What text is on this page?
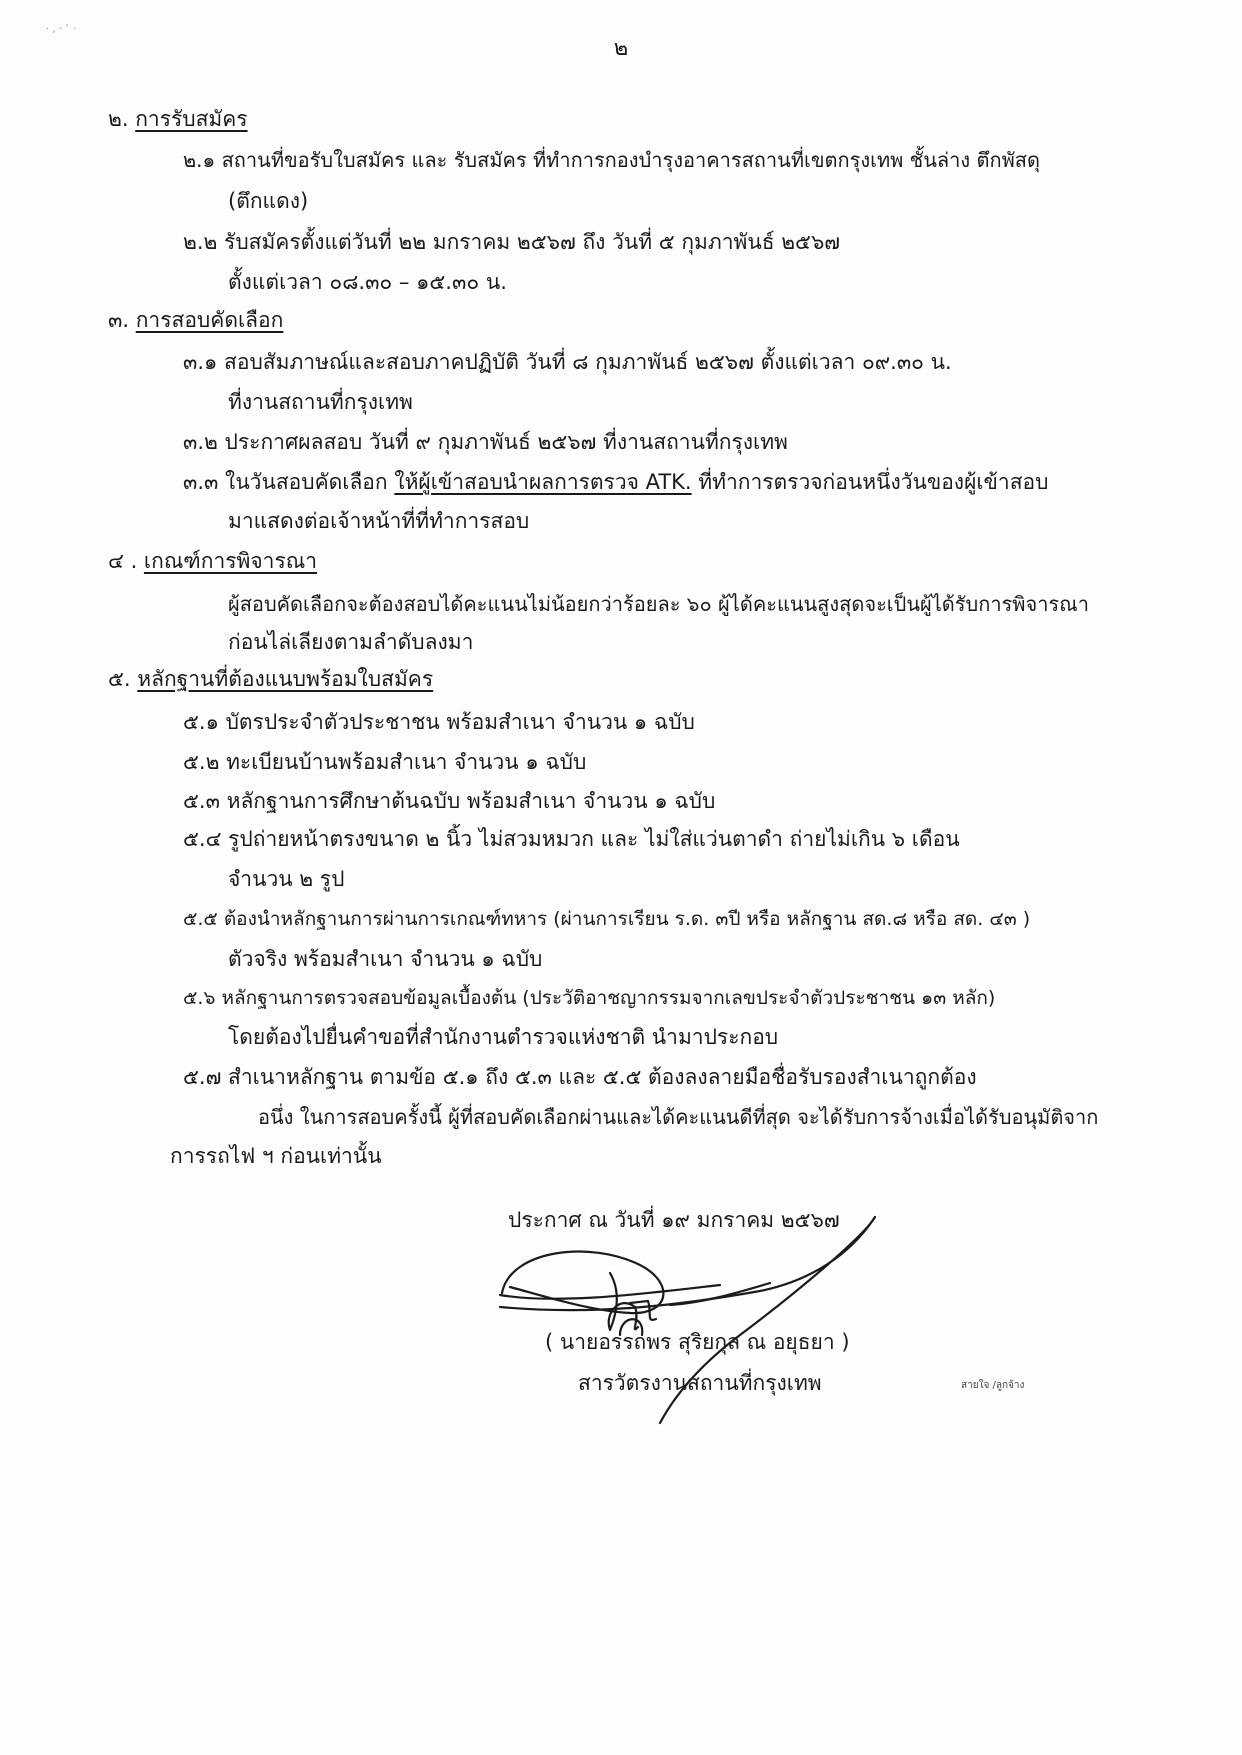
· ‚ · ` ·
๒
๒. การรับสมัคร
๒.๑ สถานที่ขอรับใบสมัคร และ รับสมัคร ที่ทำการกองบำรุงอาคารสถานที่เขตกรุงเทพ ชั้นล่าง ตึกพัสดุ
(ตึกแดง)
๒.๒ รับสมัครตั้งแต่วันที่ ๒๒ มกราคม ๒๕๖๗ ถึง วันที่ ๕ กุมภาพันธ์ ๒๕๖๗
ตั้งแต่เวลา ๐๘.๓๐ – ๑๕.๓๐ น.
๓. การสอบคัดเลือก
๓.๑ สอบสัมภาษณ์และสอบภาคปฏิบัติ วันที่ ๘ กุมภาพันธ์ ๒๕๖๗ ตั้งแต่เวลา ๐๙.๓๐ น.
ที่งานสถานที่กรุงเทพ
๓.๒ ประกาศผลสอบ วันที่ ๙ กุมภาพันธ์ ๒๕๖๗ ที่งานสถานที่กรุงเทพ
๓.๓ ในวันสอบคัดเลือก ให้ผู้เข้าสอบนำผลการตรวจ ATK. ที่ทำการตรวจก่อนหนึ่งวันของผู้เข้าสอบ
มาแสดงต่อเจ้าหน้าที่ที่ทำการสอบ
๔ . เกณฑ์การพิจารณา
ผู้สอบคัดเลือกจะต้องสอบได้คะแนนไม่น้อยกว่าร้อยละ ๖๐ ผู้ได้คะแนนสูงสุดจะเป็นผู้ได้รับการพิจารณา
ก่อนไล่เลียงตามลำดับลงมา
๕. หลักฐานที่ต้องแนบพร้อมใบสมัคร
๕.๑ บัตรประจำตัวประชาชน พร้อมสำเนา จำนวน ๑ ฉบับ
๕.๒ ทะเบียนบ้านพร้อมสำเนา จำนวน ๑ ฉบับ
๕.๓ หลักฐานการศึกษาต้นฉบับ พร้อมสำเนา จำนวน ๑ ฉบับ
๕.๔ รูปถ่ายหน้าตรงขนาด ๒ นิ้ว ไม่สวมหมวก และ ไม่ใส่แว่นตาดำ ถ่ายไม่เกิน ๖ เดือน
จำนวน ๒ รูป
๕.๕ ต้องนำหลักฐานการผ่านการเกณฑ์ทหาร (ผ่านการเรียน ร.ด. ๓ปี หรือ หลักฐาน สด.๘ หรือ สด. ๔๓ )
ตัวจริง พร้อมสำเนา จำนวน ๑ ฉบับ
๕.๖ หลักฐานการตรวจสอบข้อมูลเบื้องต้น (ประวัติอาชญากรรมจากเลขประจำตัวประชาชน ๑๓ หลัก)
โดยต้องไปยื่นคำขอที่สำนักงานตำรวจแห่งชาติ นำมาประกอบ
๕.๗ สำเนาหลักฐาน ตามข้อ ๕.๑ ถึง ๕.๓ และ ๕.๕ ต้องลงลายมือชื่อรับรองสำเนาถูกต้อง
อนึ่ง ในการสอบครั้งนี้ ผู้ที่สอบคัดเลือกผ่านและได้คะแนนดีที่สุด จะได้รับการจ้างเมื่อได้รับอนุมัติจาก
การรถไฟ ฯ ก่อนเท่านั้น
ประกาศ ณ วันที่ ๑๙ มกราคม ๒๕๖๗
( นายอรรถพร สุริยกุล ณ อยุธยา )
สารวัตรงานสถานที่กรุงเทพ	สายใจ /ลูกจ้าง
